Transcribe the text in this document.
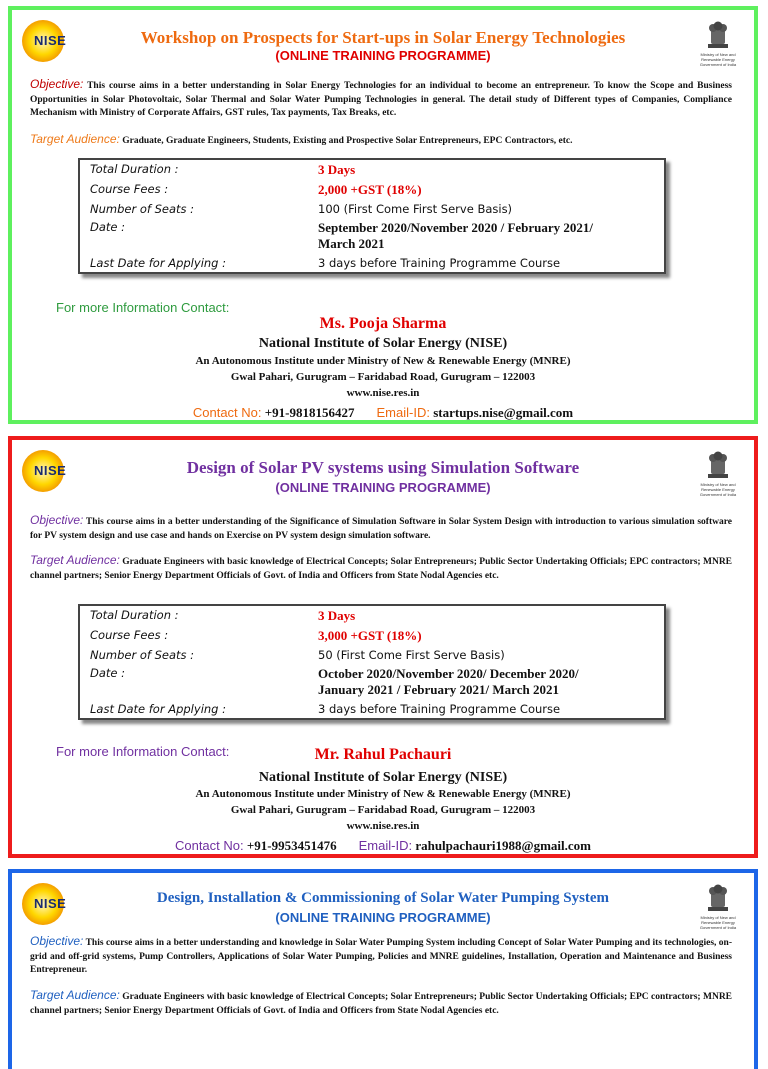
NISE
Ministry of New and Renewable Energy Government of India
Workshop on Prospects for Start-ups in Solar Energy Technologies
(ONLINE TRAINING PROGRAMME)
Objective: This course aims in a better understanding in Solar Energy Technologies for an individual to become an entrepreneur. To know the Scope and Business Opportunities in Solar Photovoltaic, Solar Thermal and Solar Water Pumping Technologies in general. The detail study of Different types of Companies, Compliance Mechanism with Ministry of Corporate Affairs, GST rules, Tax payments, Tax Breaks, etc.
Target Audience: Graduate, Graduate Engineers, Students, Existing and Prospective Solar Entrepreneurs, EPC Contractors, etc.
Total Duration :	3 Days
Course Fees :	2,000 +GST (18%)
Number of Seats :	100 (First Come First Serve Basis)
Date :	September 2020/November 2020 / February 2021/
March 2021
Last Date for Applying :	3 days before Training Programme Course
For more Information Contact:
Ms. Pooja Sharma
National Institute of Solar Energy (NISE)
An Autonomous Institute under Ministry of New & Renewable Energy (MNRE)
Gwal Pahari, Gurugram – Faridabad Road, Gurugram – 122003
www.nise.res.in
Contact No: +91-9818156427 Email-ID: startups.nise@gmail.com
NISE
Ministry of New and Renewable Energy Government of India
Design of Solar PV systems using Simulation Software
(ONLINE TRAINING PROGRAMME)
Objective: This course aims in a better understanding of the Significance of Simulation Software in Solar System Design with introduction to various simulation software for PV system design and use case and hands on Exercise on PV system design simulation software.
Target Audience: Graduate Engineers with basic knowledge of Electrical Concepts; Solar Entrepreneurs; Public Sector Undertaking Officials; EPC contractors; MNRE channel partners; Senior Energy Department Officials of Govt. of India and Officers from State Nodal Agencies etc.
Total Duration :	3 Days
Course Fees :	3,000 +GST (18%)
Number of Seats :	50 (First Come First Serve Basis)
Date :	October 2020/November 2020/ December 2020/
January 2021 / February 2021/ March 2021
Last Date for Applying :	3 days before Training Programme Course
For more Information Contact:	Mr. Rahul Pachauri
National Institute of Solar Energy (NISE)
An Autonomous Institute under Ministry of New & Renewable Energy (MNRE)
Gwal Pahari, Gurugram – Faridabad Road, Gurugram – 122003
www.nise.res.in
Contact No: +91-9953451476 Email-ID: rahulpachauri1988@gmail.com
NISE
Ministry of New and Renewable Energy Government of India
Design, Installation & Commissioning of Solar Water Pumping System
(ONLINE TRAINING PROGRAMME)
Objective: This course aims in a better understanding and knowledge in Solar Water Pumping System including Concept of Solar Water Pumping and its technologies, on-grid and off-grid systems, Pump Controllers, Applications of Solar Water Pumping, Policies and MNRE guidelines, Installation, Operation and Maintenance and Business Entrepreneur.
Target Audience: Graduate Engineers with basic knowledge of Electrical Concepts; Solar Entrepreneurs; Public Sector Undertaking Officials; EPC contractors; MNRE channel partners; Senior Energy Department Officials of Govt. of India and Officers from State Nodal Agencies etc.
